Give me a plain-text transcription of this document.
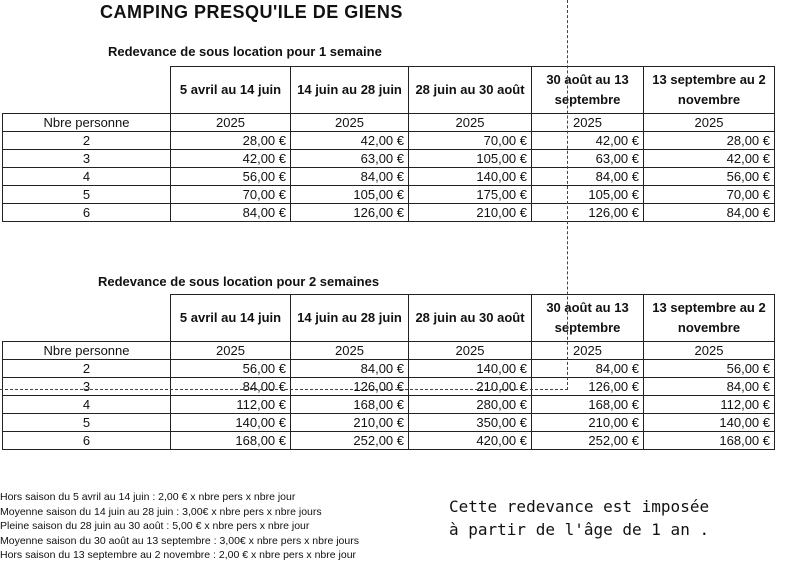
CAMPING PRESQU'ILE DE GIENS
Redevance de sous location pour 1 semaine
	5 avril au 14 juin	14 juin au 28 juin	28 juin au 30 août	30 août au 13 septembre	13 septembre au 2 novembre
Nbre personne	2025	2025	2025	2025	2025
2	28,00 €	42,00 €	70,00 €	42,00 €	28,00 €
3	42,00 €	63,00 €	105,00 €	63,00 €	42,00 €
4	56,00 €	84,00 €	140,00 €	84,00 €	56,00 €
5	70,00 €	105,00 €	175,00 €	105,00 €	70,00 €
6	84,00 €	126,00 €	210,00 €	126,00 €	84,00 €
Redevance de sous location pour 2 semaines
	5 avril au 14 juin	14 juin au 28 juin	28 juin au 30 août	30 août au 13 septembre	13 septembre au 2 novembre
Nbre personne	2025	2025	2025	2025	2025
2	56,00 €	84,00 €	140,00 €	84,00 €	56,00 €
3	84,00 €	126,00 €	210,00 €	126,00 €	84,00 €
4	112,00 €	168,00 €	280,00 €	168,00 €	112,00 €
5	140,00 €	210,00 €	350,00 €	210,00 €	140,00 €
6	168,00 €	252,00 €	420,00 €	252,00 €	168,00 €
Hors saison du 5 avril au 14 juin : 2,00 € x nbre pers x nbre jour
Moyenne saison du 14 juin au 28 juin : 3,00€ x nbre pers x nbre jours
Pleine saison du 28 juin au 30 août : 5,00 € x nbre pers x nbre jour
Moyenne saison du 30 août au 13 septembre : 3,00€ x nbre pers x nbre jours
Hors saison du 13 septembre au 2 novembre : 2,00 € x nbre pers x nbre jour
Cette redevance est imposée
à partir de l'âge de 1 an .
